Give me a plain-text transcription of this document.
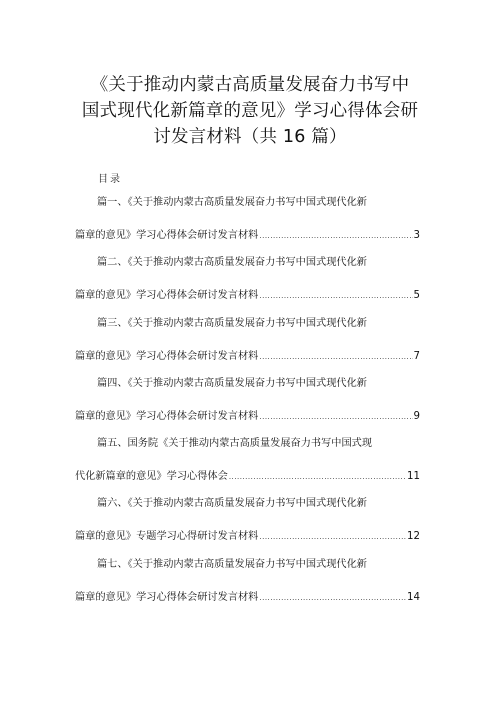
《关于推动内蒙古高质量发展奋力书写中
国式现代化新篇章的意见》学习心得体会研
讨发言材料（共 16 篇）
目录
篇一、《关于推动内蒙古高质量发展奋力书写中国式现代化新
篇章的意见》学习心得体会研讨发言材料 .....	3
篇二、《关于推动内蒙古高质量发展奋力书写中国式现代化新
篇章的意见》学习心得体会研讨发言材料 .....	5
篇三、《关于推动内蒙古高质量发展奋力书写中国式现代化新
篇章的意见》学习心得体会研讨发言材料 .....	7
篇四、《关于推动内蒙古高质量发展奋力书写中国式现代化新
篇章的意见》学习心得体会研讨发言材料 .....	9
篇五、国务院《关于推动内蒙古高质量发展奋力书写中国式现
代化新篇章的意见》学习心得体会 .....	11
篇六、《关于推动内蒙古高质量发展奋力书写中国式现代化新
篇章的意见》专题学习心得研讨发言材料 .....	12
篇七、《关于推动内蒙古高质量发展奋力书写中国式现代化新
篇章的意见》学习心得体会研讨发言材料 .....	14
